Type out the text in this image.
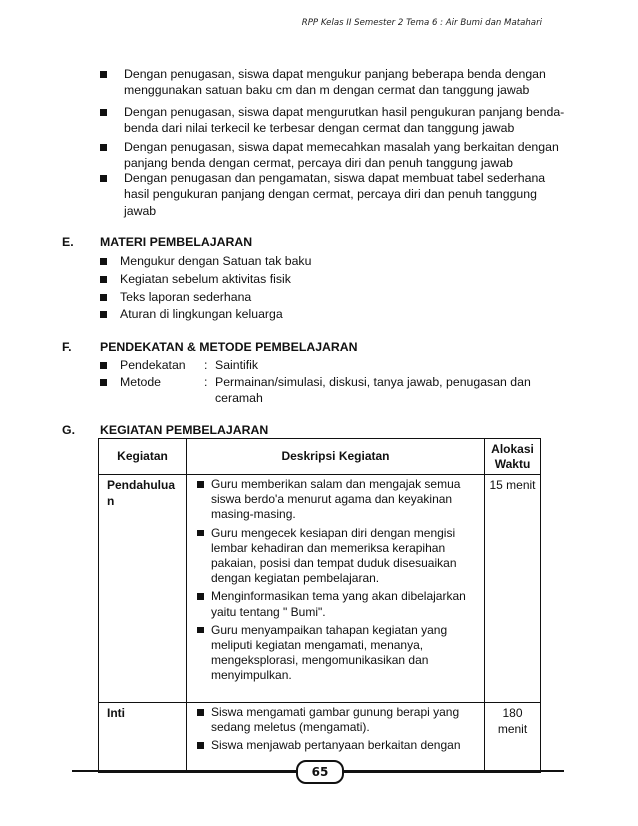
RPP Kelas II Semester 2 Tema 6 : Air Bumi dan Matahari
Dengan penugasan, siswa dapat mengukur panjang beberapa benda dengan menggunakan satuan baku cm dan m dengan cermat dan tanggung jawab
Dengan penugasan, siswa dapat mengurutkan hasil pengukuran panjang benda-benda dari nilai terkecil ke terbesar dengan cermat dan tanggung jawab
Dengan penugasan, siswa dapat memecahkan masalah yang berkaitan dengan panjang benda dengan cermat, percaya diri dan penuh tanggung jawab
Dengan penugasan dan pengamatan, siswa dapat membuat tabel sederhana hasil pengukuran panjang dengan cermat, percaya diri dan penuh tanggung jawab
E. MATERI PEMBELAJARAN
Mengukur dengan Satuan tak baku
Kegiatan sebelum aktivitas fisik
Teks laporan sederhana
Aturan di lingkungan keluarga
F. PENDEKATAN & METODE PEMBELAJARAN
Pendekatan : Saintifik
Metode	: Permainan/simulasi, diskusi, tanya jawab, penugasan dan ceramah
G. KEGIATAN PEMBELAJARAN
Kegiatan	Deskripsi Kegiatan	Alokasi Waktu
Pendahuluan	Guru memberikan salam dan mengajak semua siswa berdo'a menurut agama dan keyakinan masing-masing.
Guru mengecek kesiapan diri dengan mengisi lembar kehadiran dan memeriksa kerapihan pakaian, posisi dan tempat duduk disesuaikan dengan kegiatan pembelajaran.
Menginformasikan tema yang akan dibelajarkan yaitu tentang " Bumi".
Guru menyampaikan tahapan kegiatan yang meliputi kegiatan mengamati, menanya, mengeksplorasi, mengomunikasikan dan menyimpulkan.	15 menit
Inti	Siswa mengamati gambar gunung berapi yang sedang meletus (mengamati).
Siswa menjawab pertanyaan berkaitan dengan	180 menit
65
